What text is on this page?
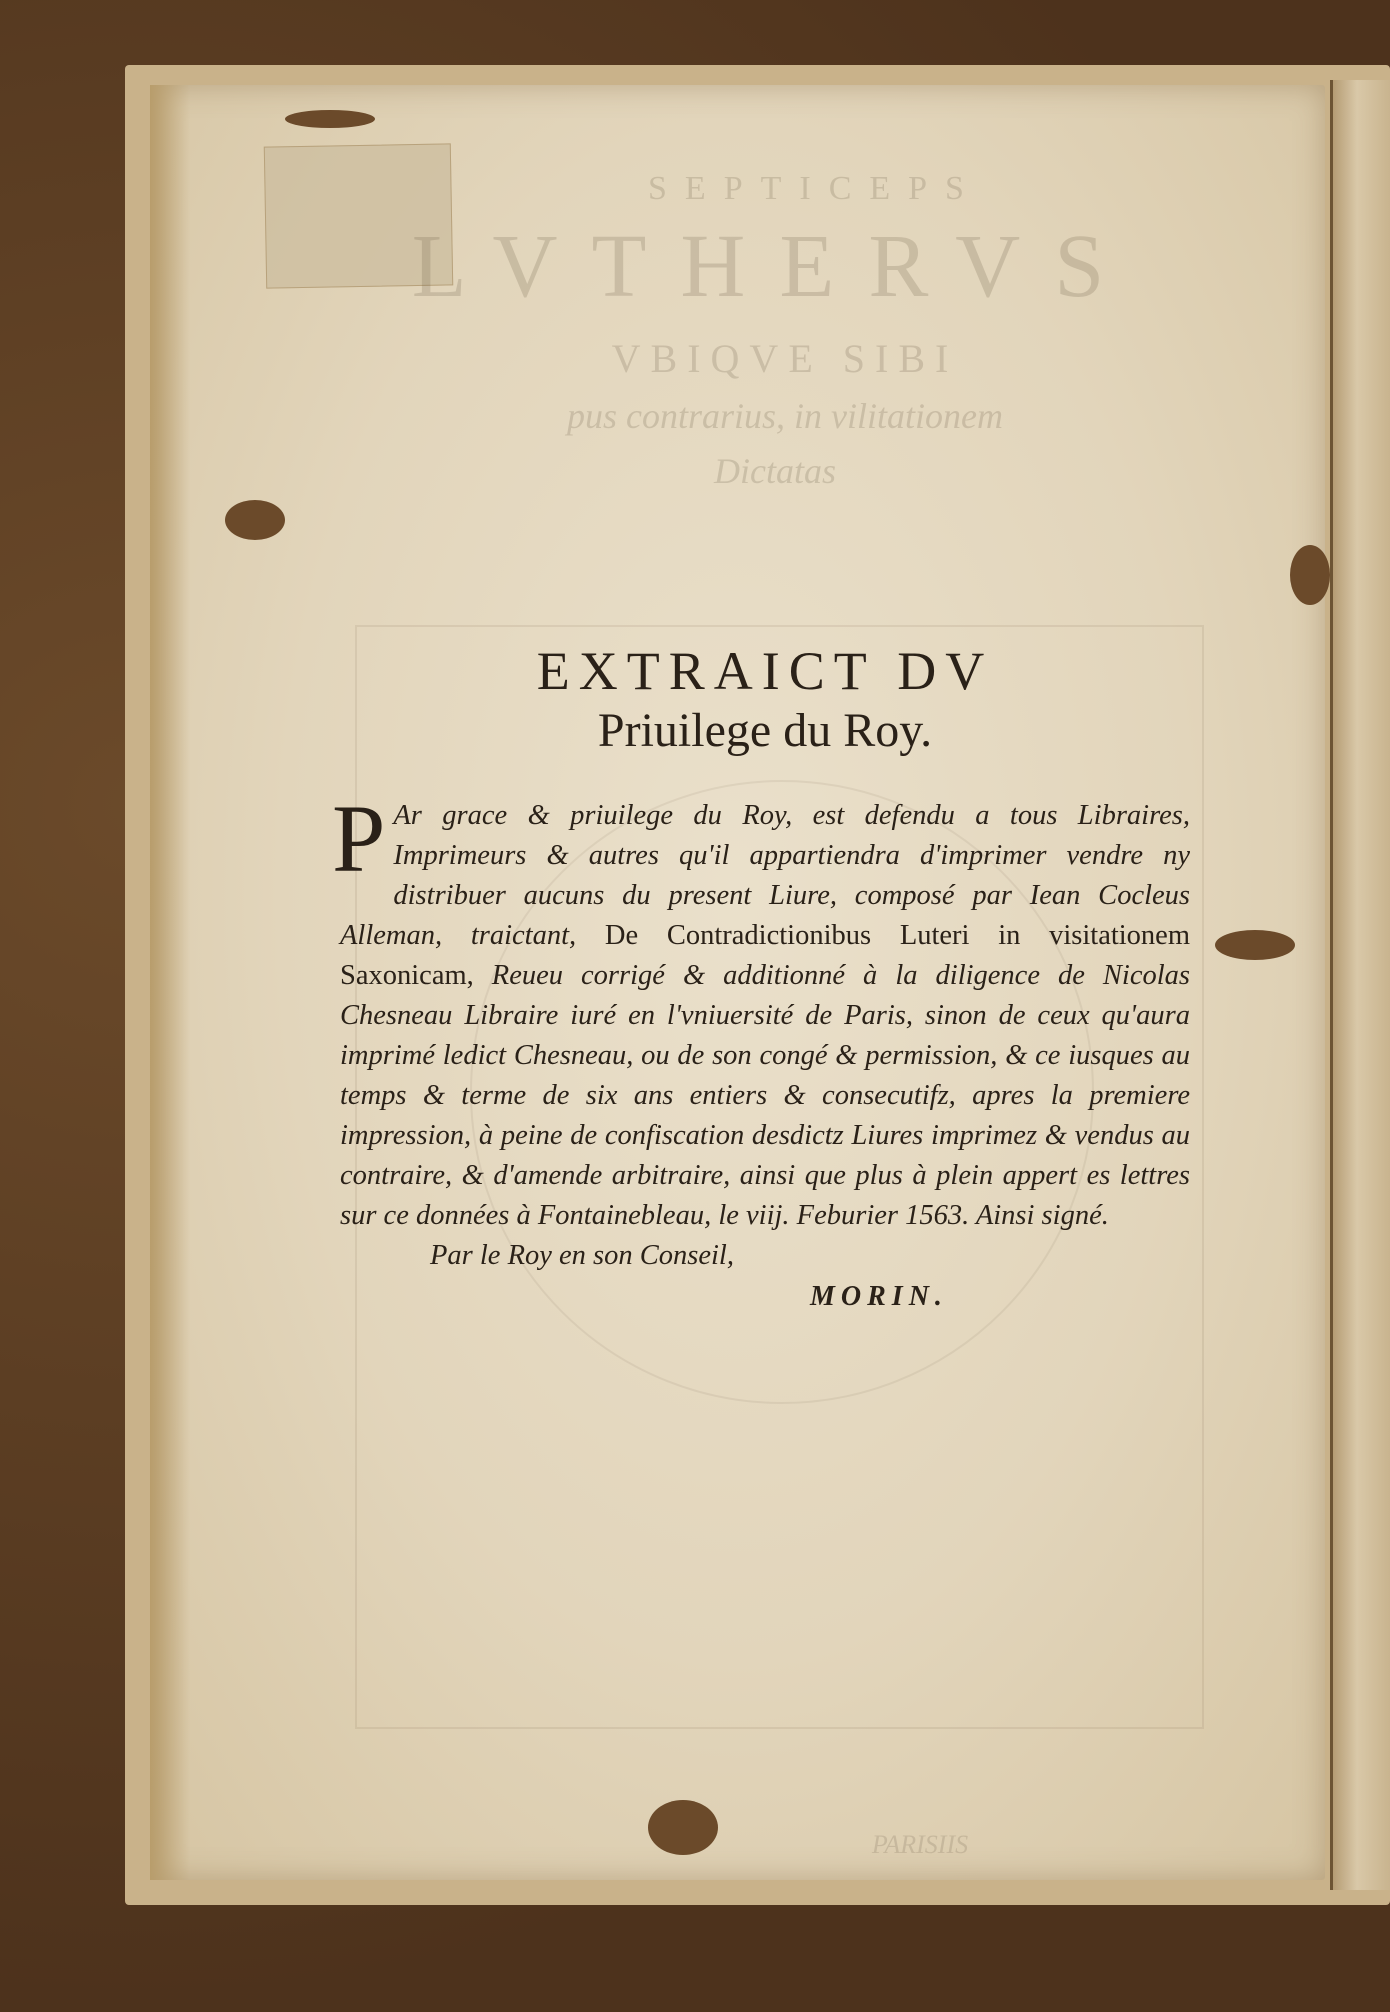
SEPTICEPS
LVTHERVS
VBIQVE SIBI
pus contrarius, in vilitationem
Dictatas
PARISIIS
EXTRAICT DV
Priuilege du Roy.

P Ar grace & priuilege du Roy, est defendu a tous Libraires, Imprimeurs & autres qu'il appartiendra d'imprimer vendre ny distribuer aucuns du present Liure, composé par Iean Cocleus Alleman, traictant, De Contradictionibus Luteri in visitationem Saxonicam, Reueu corrigé & additionné à la diligence de Nicolas Chesneau Libraire iuré en l'vniuersité de Paris, sinon de ceux qu'aura imprimé ledict Chesneau, ou de son congé & permission, & ce iusques au temps & terme de six ans entiers & consecutifz, apres la premiere impression, à peine de confiscation desdictz Liures imprimez & vendus au contraire, & d'amende arbitraire, ainsi que plus à plein appert es lettres sur ce données à Fontainebleau, le viij. Feburier 1563. Ainsi signé.

Par le Roy en son Conseil,

MORIN.
